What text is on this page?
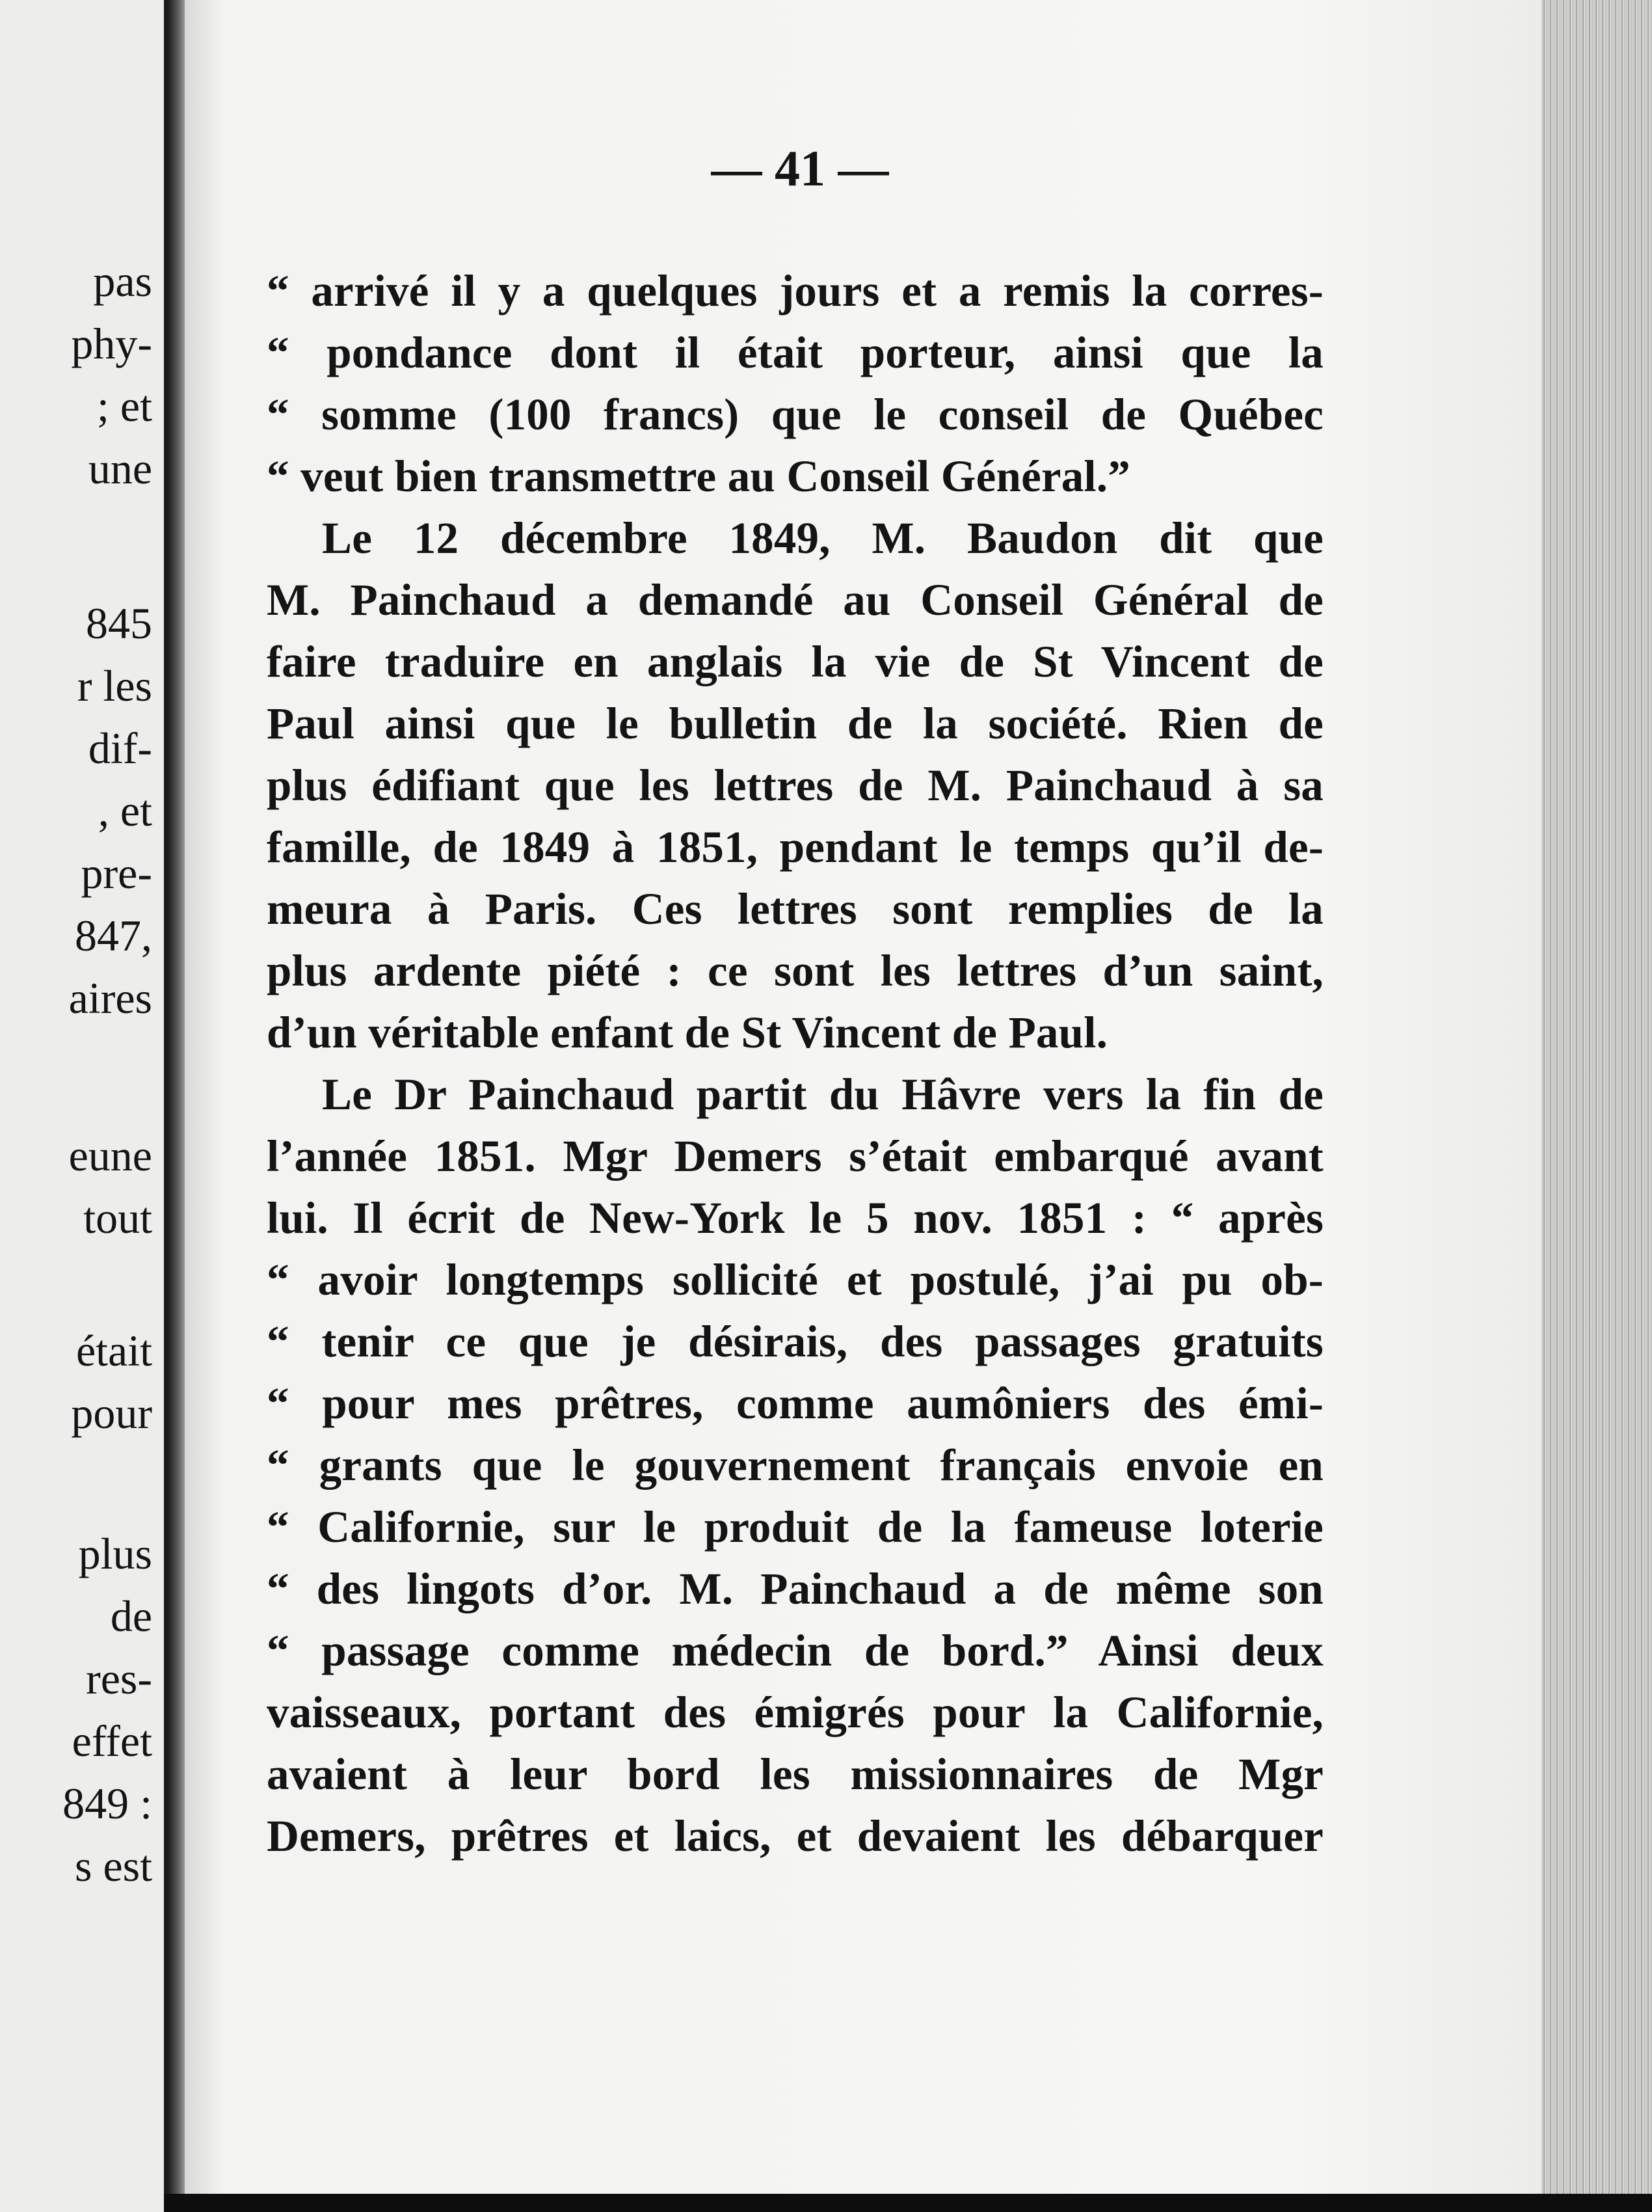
pas
phy-
; et
une
845
r les
dif-
, et
pre-
847,
aires
eune
tout
était
pour
plus
de
res-
effet
849 :
s est
— 41 —
“ arrivé il y a quelques jours et a remis la corres-
“ pondance dont il était porteur, ainsi que la
“ somme (100 francs) que le conseil de Québec
“ veut bien transmettre au Conseil Général.”
Le 12 décembre 1849, M. Baudon dit que
M. Painchaud a demandé au Conseil Général de
faire traduire en anglais la vie de St Vincent de
Paul ainsi que le bulletin de la société. Rien de
plus édifiant que les lettres de M. Painchaud à sa
famille, de 1849 à 1851, pendant le temps qu’il de-
meura à Paris. Ces lettres sont remplies de la
plus ardente piété : ce sont les lettres d’un saint,
d’un véritable enfant de St Vincent de Paul.
Le Dr Painchaud partit du Hâvre vers la fin de
l’année 1851. Mgr Demers s’était embarqué avant
lui. Il écrit de New-York le 5 nov. 1851 : “ après
“ avoir longtemps sollicité et postulé, j’ai pu ob-
“ tenir ce que je désirais, des passages gratuits
“ pour mes prêtres, comme aumôniers des émi-
“ grants que le gouvernement français envoie en
“ Californie, sur le produit de la fameuse loterie
“ des lingots d’or. M. Painchaud a de même son
“ passage comme médecin de bord.” Ainsi deux
vaisseaux, portant des émigrés pour la Californie,
avaient à leur bord les missionnaires de Mgr
Demers, prêtres et laics, et devaient les débarquer
